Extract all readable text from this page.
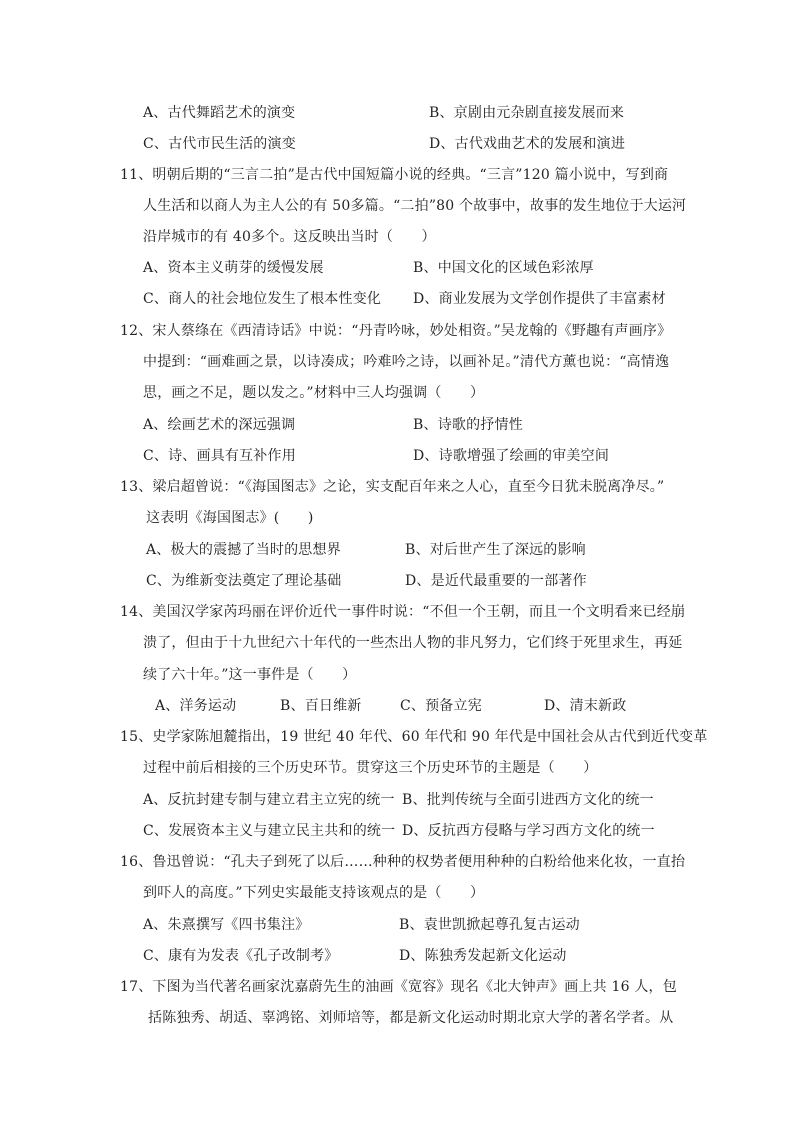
A、古代舞蹈艺术的演变	B、京剧由元杂剧直接发展而来
C、古代市民生活的演变	D、古代戏曲艺术的发展和演进
11、明朝后期的“三言二拍”是古代中国短篇小说的经典。“三言”120 篇小说中，写到商
人生活和以商人为主人公的有 50多篇。“二拍”80 个故事中，故事的发生地位于大运河
沿岸城市的有 40多个。这反映出当时（　　）
A、资本主义萌芽的缓慢发展	B、中国文化的区域色彩浓厚
C、商人的社会地位发生了根本性变化 D、商业发展为文学创作提供了丰富素材
12、宋人蔡绦在《西清诗话》中说：“丹青吟咏，妙处相资。”吴龙翰的《野趣有声画序》
中提到：“画难画之景，以诗凑成；吟难吟之诗，以画补足。”清代方薰也说：“高情逸
思，画之不足，题以发之。”材料中三人均强调（　　）
A、绘画艺术的深远强调	B、诗歌的抒情性
C、诗、画具有互补作用	D、诗歌增强了绘画的审美空间
13、梁启超曾说：“《海国图志》之论，实支配百年来之人心，直至今日犹未脱离净尽。”
这表明《海国图志》(　　)
A、极大的震撼了当时的思想界	B、对后世产生了深远的影响
C、为维新变法奠定了理论基础	D、是近代最重要的一部著作
14、美国汉学家芮玛丽在评价近代一事件时说：“不但一个王朝，而且一个文明看来已经崩
溃了，但由于十九世纪六十年代的一些杰出人物的非凡努力，它们终于死里求生，再延
续了六十年。”这一事件是（　　）
A、洋务运动	B、百日维新	C、预备立宪	D、清末新政
15、史学家陈旭麓指出，19 世纪 40 年代、60 年代和 90 年代是中国社会从古代到近代变革
过程中前后相接的三个历史环节。贯穿这三个历史环节的主题是（　　）
A、反抗封建专制与建立君主立宪的统一 B、批判传统与全面引进西方文化的统一
C、发展资本主义与建立民主共和的统一 D、反抗西方侵略与学习西方文化的统一
16、鲁迅曾说：“孔夫子到死了以后……种种的权势者便用种种的白粉给他来化妆，一直抬
到吓人的高度。”下列史实最能支持该观点的是（　　）
A、朱熹撰写《四书集注》	B、袁世凯掀起尊孔复古运动
C、康有为发表《孔子改制考》	D、陈独秀发起新文化运动
17、下图为当代著名画家沈嘉蔚先生的油画《宽容》现名《北大钟声》画上共 16 人，包
括陈独秀、胡适、辜鸿铭、刘师培等，都是新文化运动时期北京大学的著名学者。从
